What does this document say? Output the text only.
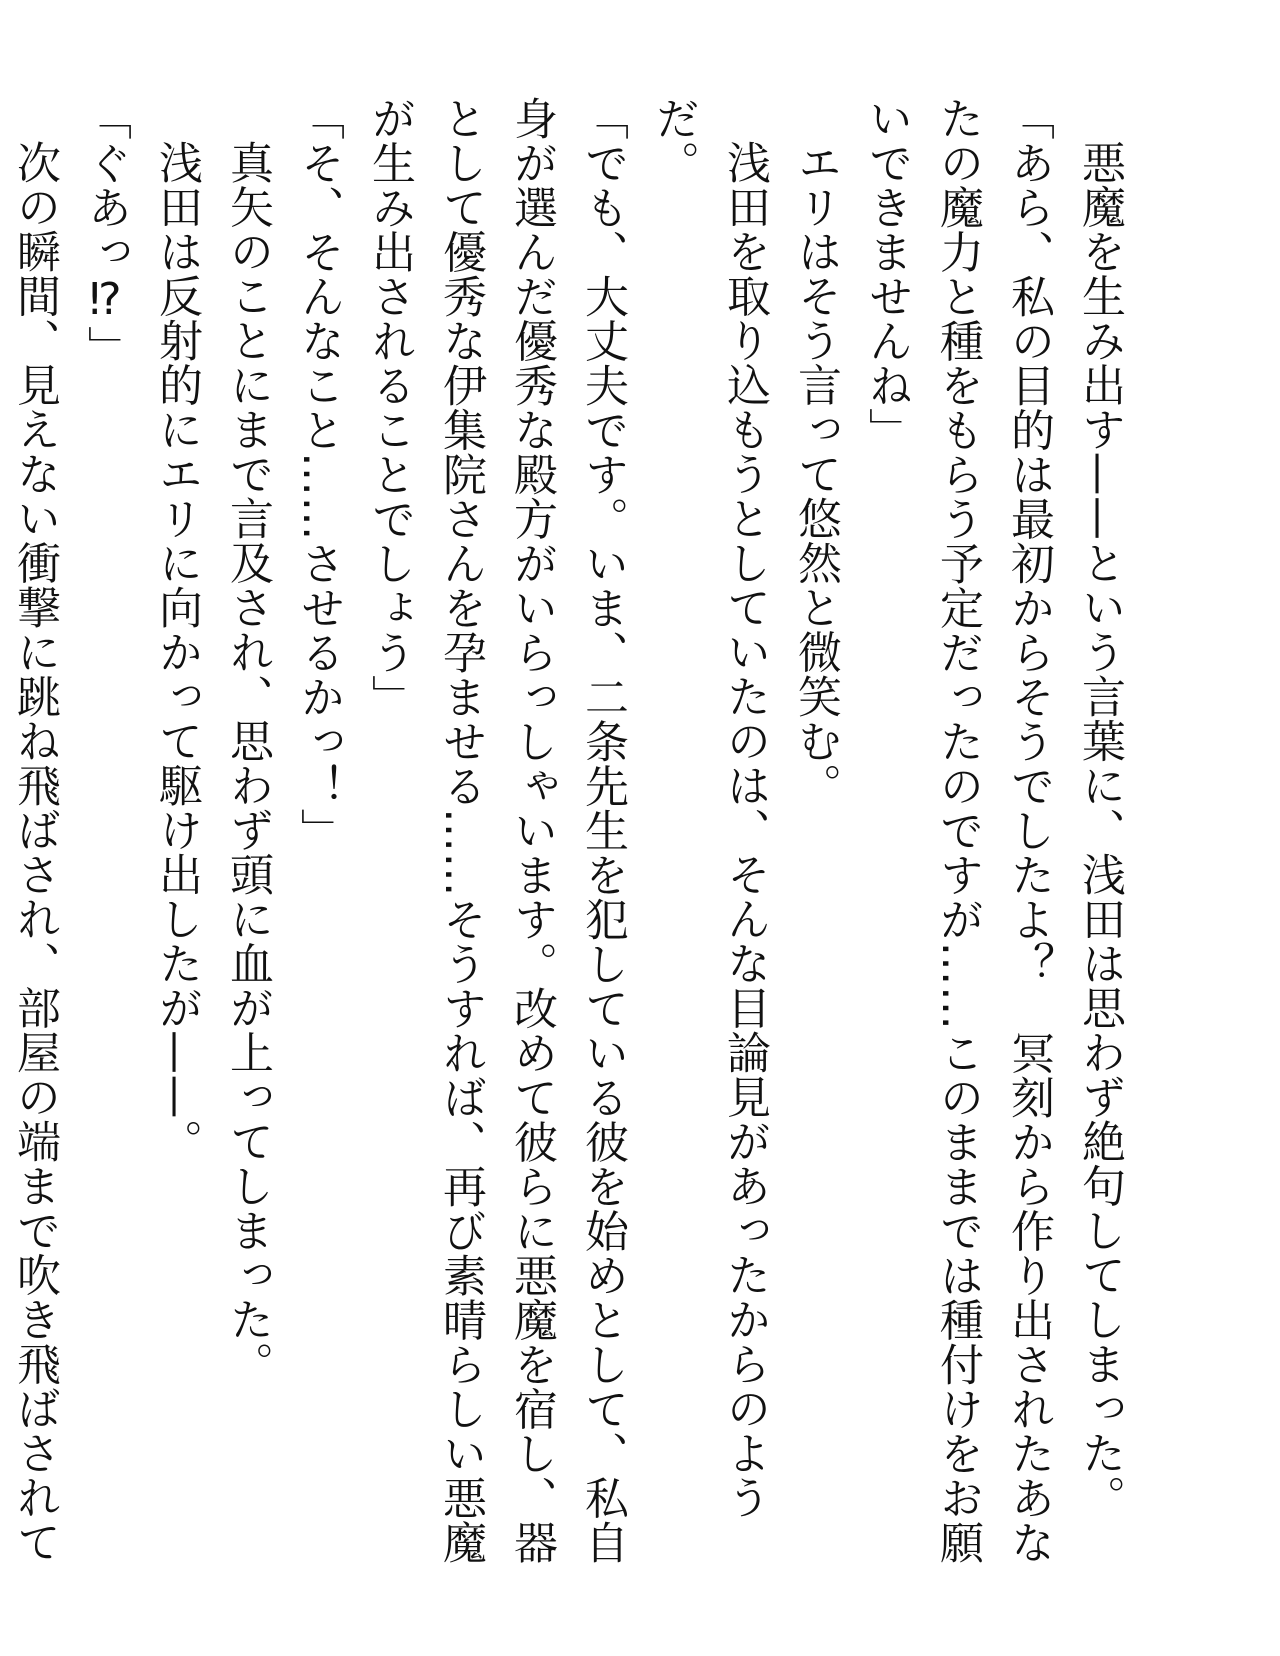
悪魔を生み出す——という言葉に、浅田は思わず絶句してしまった。

「あら、私の目的は最初からそうでしたよ？　冥刻から作り出されたあなたの魔力と種をもらう予定だったのですが……このままでは種付けをお願いできませんね」

エリはそう言って悠然と微笑む。

浅田を取り込もうとしていたのは、そんな目論見があったからのようだ。

「でも、大丈夫です。いま、二条先生を犯している彼を始めとして、私自身が選んだ優秀な殿方がいらっしゃいます。改めて彼らに悪魔を宿し、器として優秀な伊集院さんを孕ませる……そうすれば、再び素晴らしい悪魔が生み出されることでしょう」

「そ、そんなこと……させるかっ！」

真矢のことにまで言及され、思わず頭に血が上ってしまった。

浅田は反射的にエリに向かって駆け出したが——。

「ぐあっ⁉」

次の瞬間、見えない衝撃に跳ね飛ばされ、部屋の端まで吹き飛ばされて
